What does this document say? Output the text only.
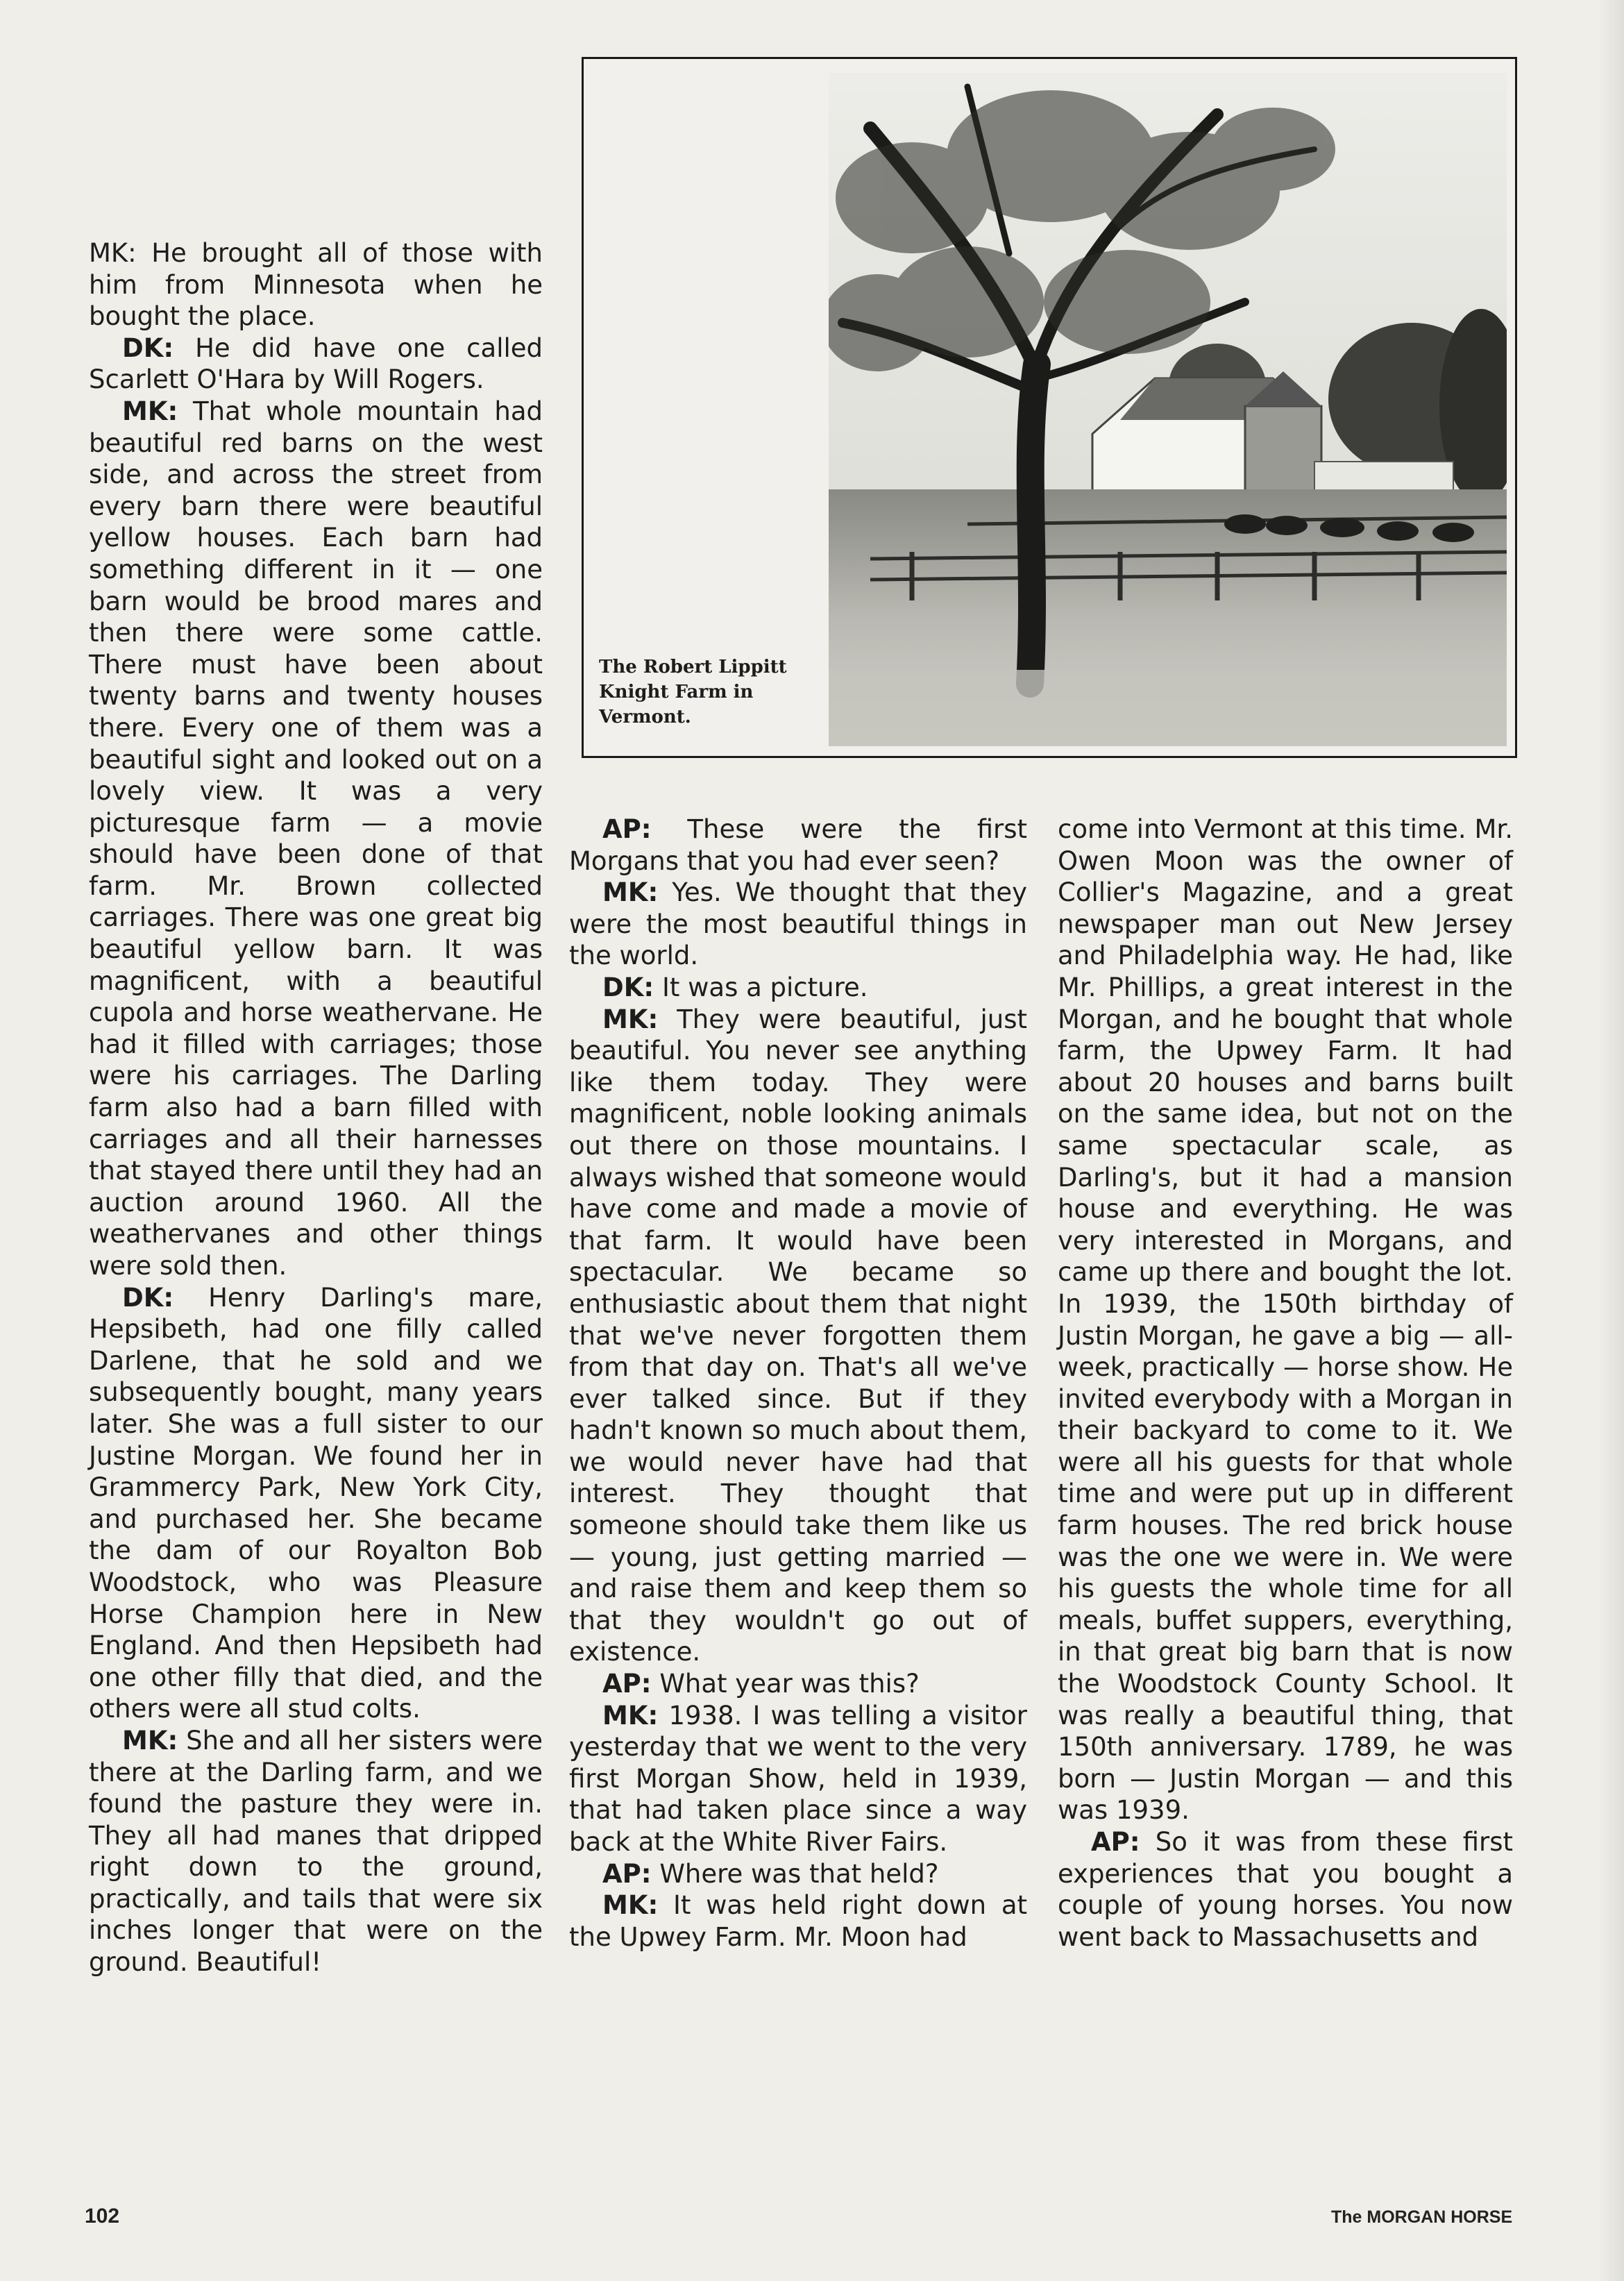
The Robert Lippitt Knight Farm in Vermont.

MK: He brought all of those with him from Minnesota when he bought the place.

DK: He did have one called Scarlett O'Hara by Will Rogers.

MK: That whole mountain had beautiful red barns on the west side, and across the street from every barn there were beautiful yellow houses. Each barn had something different in it — one barn would be brood mares and then there were some cattle. There must have been about twenty barns and twenty houses there. Every one of them was a beautiful sight and looked out on a lovely view. It was a very picturesque farm — a movie should have been done of that farm. Mr. Brown collected carriages. There was one great big beautiful yellow barn. It was magnificent, with a beautiful cupola and horse weathervane. He had it filled with carriages; those were his carriages. The Darling farm also had a barn filled with carriages and all their harnesses that stayed there until they had an auction around 1960. All the weathervanes and other things were sold then.

DK: Henry Darling's mare, Hepsibeth, had one filly called Darlene, that he sold and we subsequently bought, many years later. She was a full sister to our Justine Morgan. We found her in Grammercy Park, New York City, and purchased her. She became the dam of our Royalton Bob Woodstock, who was Pleasure Horse Champion here in New England. And then Hepsibeth had one other filly that died, and the others were all stud colts.

MK: She and all her sisters were there at the Darling farm, and we found the pasture they were in. They all had manes that dripped right down to the ground, practically, and tails that were six inches longer that were on the ground. Beautiful!

AP: These were the first Morgans that you had ever seen?

MK: Yes. We thought that they were the most beautiful things in the world.

DK: It was a picture.

MK: They were beautiful, just beautiful. You never see anything like them today. They were magnificent, noble looking animals out there on those mountains. I always wished that someone would have come and made a movie of that farm. It would have been spectacular. We became so enthusiastic about them that night that we've never forgotten them from that day on. That's all we've ever talked since. But if they hadn't known so much about them, we would never have had that interest. They thought that someone should take them like us — young, just getting married — and raise them and keep them so that they wouldn't go out of existence.

AP: What year was this?

MK: 1938. I was telling a visitor yesterday that we went to the very first Morgan Show, held in 1939, that had taken place since a way back at the White River Fairs.

AP: Where was that held?

MK: It was held right down at the Upwey Farm. Mr. Moon had

come into Vermont at this time. Mr. Owen Moon was the owner of Collier's Magazine, and a great newspaper man out New Jersey and Philadelphia way. He had, like Mr. Phillips, a great interest in the Morgan, and he bought that whole farm, the Upwey Farm. It had about 20 houses and barns built on the same idea, but not on the same spectacular scale, as Darling's, but it had a mansion house and everything. He was very interested in Morgans, and came up there and bought the lot. In 1939, the 150th birthday of Justin Morgan, he gave a big — all-week, practically — horse show. He invited everybody with a Morgan in their backyard to come to it. We were all his guests for that whole time and were put up in different farm houses. The red brick house was the one we were in. We were his guests the whole time for all meals, buffet suppers, everything, in that great big barn that is now the Woodstock County School. It was really a beautiful thing, that 150th anniversary. 1789, he was born — Justin Morgan — and this was 1939.

AP: So it was from these first experiences that you bought a couple of young horses. You now went back to Massachusetts and

102	The MORGAN HORSE
